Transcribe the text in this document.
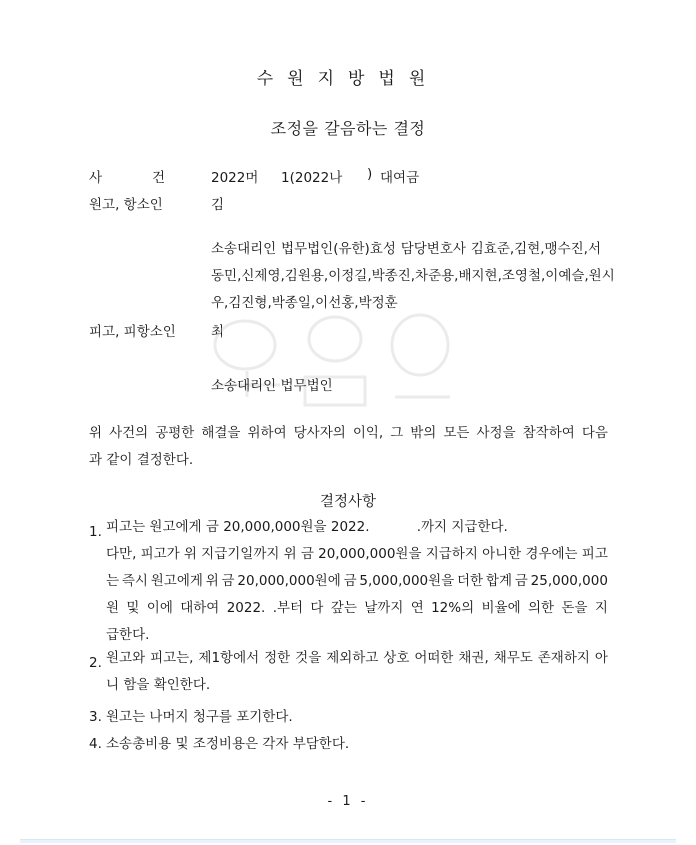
수원지방법원
조정을 갈음하는 결정
사	건	2022머 1(2022나 ) 대여금
원고, 항소인	김
소송대리인 법무법인(유한)효성 담당변호사 김효준,김현,맹수진,서
동민,신제영,김원용,이정길,박종진,차준용,배지현,조영철,이예슬,원시
우,김진형,박종일,이선홍,박정훈
피고, 피항소인	최
소송대리인 법무법인
위 사건의 공평한 해결을 위하여 당사자의 이익, 그 밖의 모든 사정을 참작하여 다음
과 같이 결정한다.
결정사항
1. 피고는 원고에게 금 20,000,000원을 2022.           .까지 지급한다.
다만, 피고가 위 지급기일까지 위 금 20,000,000원을 지급하지 아니한 경우에는 피고
는 즉시 원고에게 위 금 20,000,000원에 금 5,000,000원을 더한 합계 금 25,000,000
원 및 이에 대하여 2022. .부터 다 갚는 날까지 연 12%의 비율에 의한 돈을 지
급한다.
2. 원고와 피고는, 제1항에서 정한 것을 제외하고 상호 어떠한 채권, 채무도 존재하지 아
니 함을 확인한다.
3. 원고는 나머지 청구를 포기한다.
4. 소송총비용 및 조정비용은 각자 부담한다.
- 1 -
